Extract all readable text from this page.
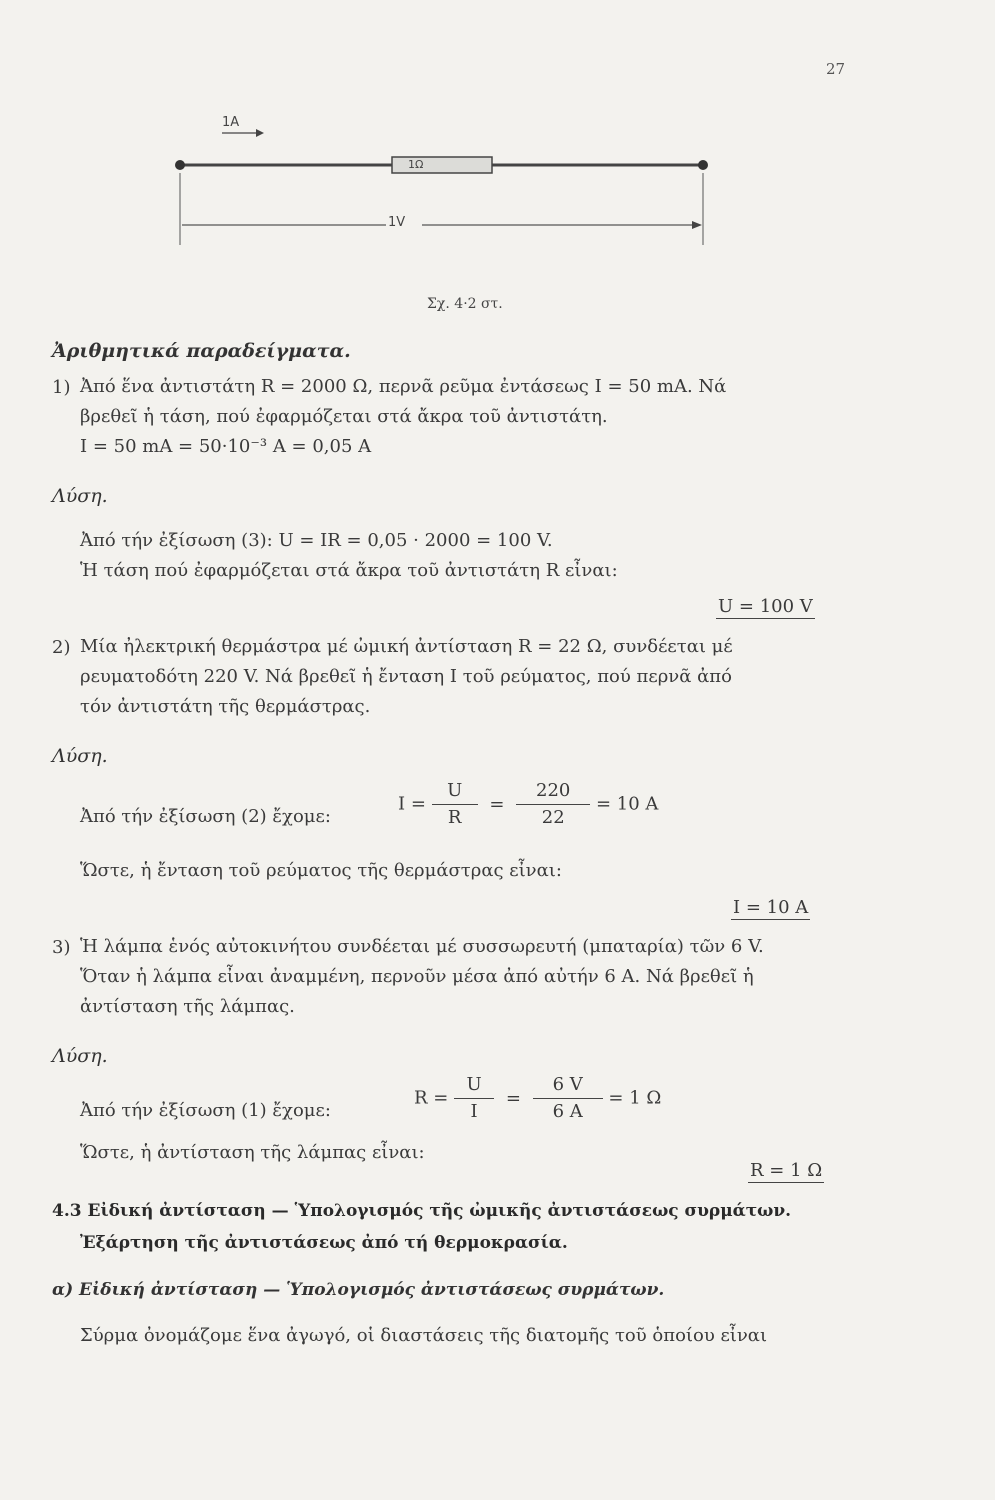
27
1A
1Ω
1V
Σχ. 4·2 στ.
Ἀριθμητικά παραδείγματα.
1) Ἀπό ἕνα ἀντιστάτη R = 2000 Ω, περνᾶ ρεῦμα ἐντάσεως I = 50 mA. Νά
βρεθεῖ ἡ τάση, πού ἐφαρμόζεται στά ἄκρα τοῦ ἀντιστάτη.
I = 50 mA = 50·10⁻³ A = 0,05 A
Λύση.
Ἀπό τήν ἐξίσωση (3): U = IR = 0,05 · 2000 = 100 V.
Ἡ τάση πού ἐφαρμόζεται στά ἄκρα τοῦ ἀντιστάτη R εἶναι:
U = 100 V
2) Μία ἠλεκτρική θερμάστρα μέ ὠμική ἀντίσταση R = 22 Ω, συνδέεται μέ
ρευματοδότη 220 V. Νά βρεθεῖ ἡ ἔνταση I τοῦ ρεύματος, πού περνᾶ ἀπό
τόν ἀντιστάτη τῆς θερμάστρας.
Λύση.
Ἀπό τήν ἐξίσωση (2) ἔχομε:
$I = \frac{U}{R} = \frac{220}{22} = 10$ A
Ὥστε, ἡ ἔνταση τοῦ ρεύματος τῆς θερμάστρας εἶναι:
I = 10 A
3) Ἡ λάμπα ἑνός αὐτοκινήτου συνδέεται μέ συσσωρευτή (μπαταρία) τῶν 6 V.
Ὅταν ἡ λάμπα εἶναι ἀναμμένη, περνοῦν μέσα ἀπό αὐτήν 6 A. Νά βρεθεῖ ἡ
ἀντίσταση τῆς λάμπας.
Λύση.
Ἀπό τήν ἐξίσωση (1) ἔχομε:
$R = \frac{U}{I} = \frac{6 V}{6 A} = 1$ Ω
Ὥστε, ἡ ἀντίσταση τῆς λάμπας εἶναι:
R = 1 Ω
4.3 Εἰδική ἀντίσταση — Ὑπολογισμός τῆς ὠμικῆς ἀντιστάσεως συρμάτων.
Ἐξάρτηση τῆς ἀντιστάσεως ἀπό τή θερμοκρασία.
α) Εἰδική ἀντίσταση — Ὑπολογισμός ἀντιστάσεως συρμάτων.
Σύρμα ὀνομάζομε ἕνα ἀγωγό, οἱ διαστάσεις τῆς διατομῆς τοῦ ὁποίου εἶναι
